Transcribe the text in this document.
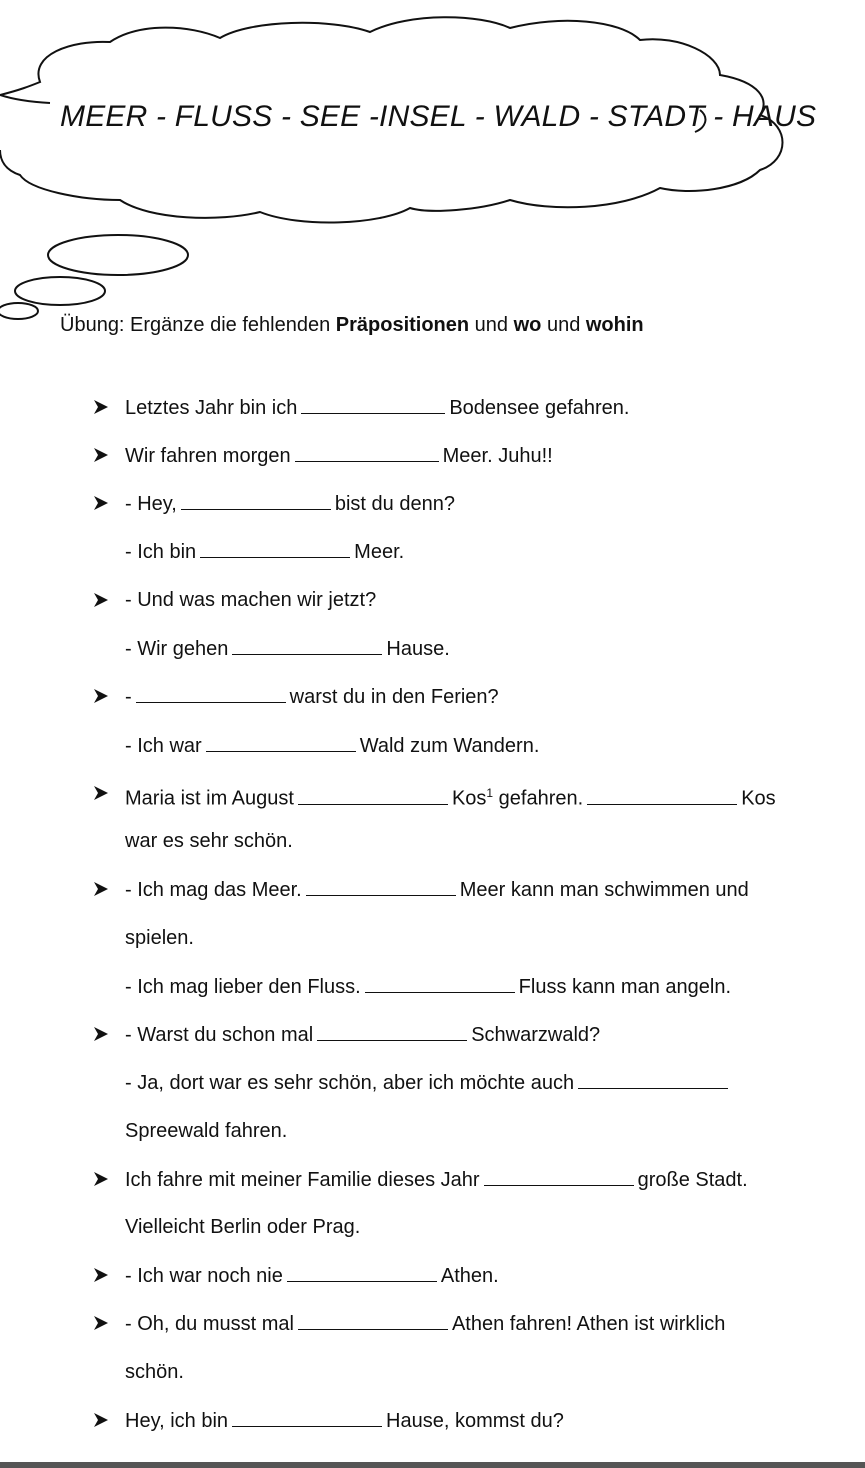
MEER - FLUSS - SEE -INSEL - WALD - STADT - HAUS
Übung: Ergänze die fehlenden Präpositionen und wo und wohin
Letztes Jahr bin ich	Bodensee gefahren.
Wir fahren morgen	Meer. Juhu!!
- Hey,	bist du denn?
- Ich bin	Meer.
- Und was machen wir jetzt?
- Wir gehen	Hause.
-	warst du in den Ferien?
- Ich war	Wald zum Wandern.
Maria ist im August	Kos$^1$ gefahren.	Kos
war es sehr schön.
- Ich mag das Meer.	Meer kann man schwimmen und
spielen.
- Ich mag lieber den Fluss.	Fluss kann man angeln.
- Warst du schon mal	Schwarzwald?
- Ja, dort war es sehr schön, aber ich möchte auch
Spreewald fahren.
Ich fahre mit meiner Familie dieses Jahr	große Stadt.
Vielleicht Berlin oder Prag.
- Ich war noch nie	Athen.
- Oh, du musst mal	Athen fahren! Athen ist wirklich
schön.
Hey, ich bin	Hause, kommst du?
